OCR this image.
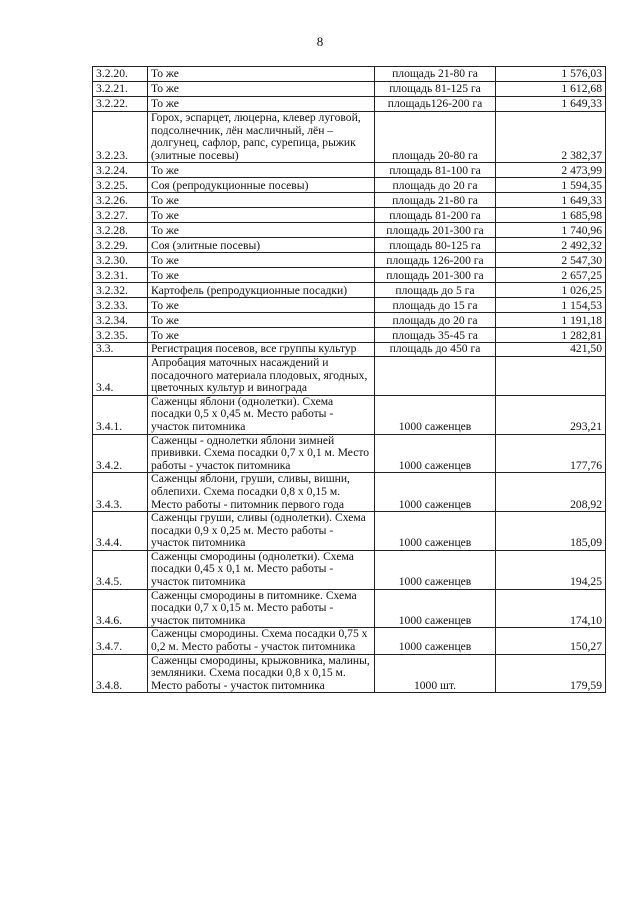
8
3.2.20.	То же	площадь 21-80 га	1 576,03
3.2.21.	То же	площадь 81-125 га	1 612,68
3.2.22.	То же	площадь126-200 га	1 649,33
3.2.23.	Горох, эспарцет, люцерна, клевер луговой, подсолнечник, лён масличный, лён – долгунец, сафлор, рапс, сурепица, рыжик (элитные посевы)	площадь 20-80 га	2 382,37
3.2.24.	То же	площадь 81-100 га	2 473,99
3.2.25.	Соя (репродукционные посевы)	площадь до 20 га	1 594,35
3.2.26.	То же	площадь 21-80 га	1 649,33
3.2.27.	То же	площадь 81-200 га	1 685,98
3.2.28.	То же	площадь 201-300 га	1 740,96
3.2.29.	Соя (элитные посевы)	площадь 80-125 га	2 492,32
3.2.30.	То же	площадь 126-200 га	2 547,30
3.2.31.	То же	площадь 201-300 га	2 657,25
3.2.32.	Картофель (репродукционные посадки)	площадь до 5 га	1 026,25
3.2.33.	То же	площадь до 15 га	1 154,53
3.2.34.	То же	площадь до 20 га	1 191,18
3.2.35.	То же	площадь 35-45 га	1 282,81
3.3.	Регистрация посевов, все группы культур	площадь до 450 га	421,50
3.4.	Апробация маточных насаждений и посадочного материала плодовых, ягодных, цветочных культур и винограда		
3.4.1.	Саженцы яблони (однолетки). Схема посадки 0,5 х 0,45 м. Место работы - участок питомника	1000 саженцев	293,21
3.4.2.	Саженцы - однолетки яблони зимней прививки. Схема посадки 0,7 х 0,1 м. Место работы - участок питомника	1000 саженцев	177,76
3.4.3.	Саженцы яблони, груши, сливы, вишни, облепихи. Схема посадки 0,8 х 0,15 м. Место работы - питомник первого года	1000 саженцев	208,92
3.4.4.	Саженцы груши, сливы (однолетки). Схема посадки 0,9 х 0,25 м. Место работы - участок питомника	1000 саженцев	185,09
3.4.5.	Саженцы смородины (однолетки). Схема посадки 0,45 х 0,1 м. Место работы - участок питомника	1000 саженцев	194,25
3.4.6.	Саженцы смородины в питомнике. Схема посадки 0,7 х 0,15 м. Место работы - участок питомника	1000 саженцев	174,10
3.4.7.	Саженцы смородины. Схема посадки 0,75 х 0,2 м. Место работы - участок питомника	1000 саженцев	150,27
3.4.8.	Саженцы смородины, крыжовника, малины, земляники. Схема посадки 0,8 х 0,15 м. Место работы - участок питомника	1000 шт.	179,59
